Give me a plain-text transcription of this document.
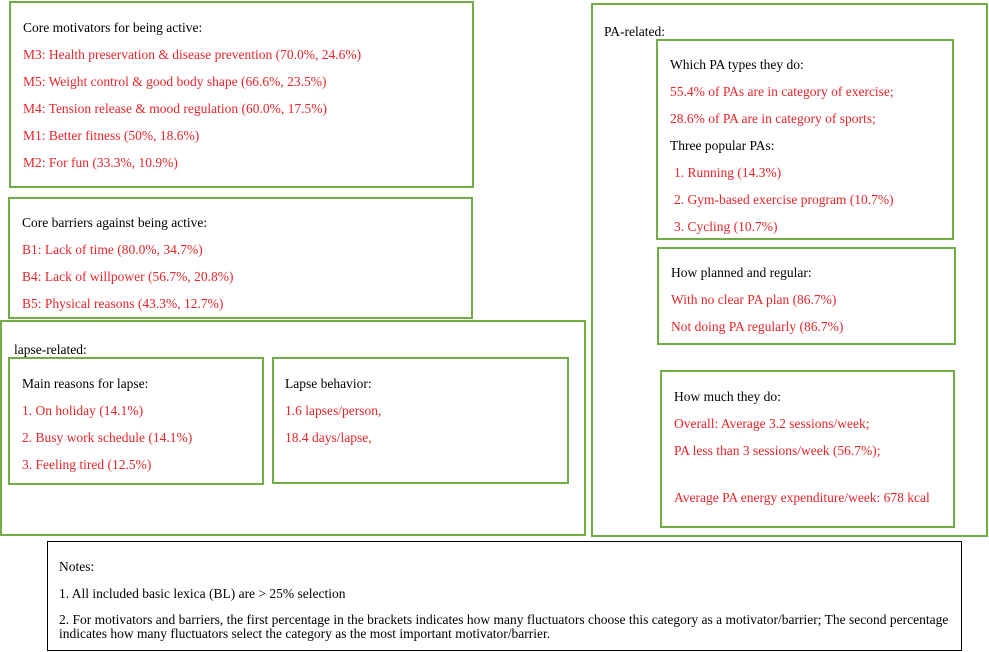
Core motivators for being active:
M3: Health preservation & disease prevention (70.0%, 24.6%)
M5: Weight control & good body shape (66.6%, 23.5%)
M4: Tension release & mood regulation (60.0%, 17.5%)
M1: Better fitness (50%, 18.6%)
M2: For fun (33.3%, 10.9%)
Core barriers against being active:
B1: Lack of time (80.0%, 34.7%)
B4: Lack of willpower (56.7%, 20.8%)
B5: Physical reasons (43.3%, 12.7%)
lapse-related:
Main reasons for lapse:
1. On holiday (14.1%)
2. Busy work schedule (14.1%)
3. Feeling tired (12.5%)
Lapse behavior:
1.6 lapses/person,
18.4 days/lapse,
PA-related:
Which PA types they do:
55.4% of PAs are in category of exercise;
28.6% of PA are in category of sports;
Three popular PAs:
1. Running (14.3%)
2. Gym-based exercise program (10.7%)
3. Cycling (10.7%)
How planned and regular:
With no clear PA plan (86.7%)
Not doing PA regularly (86.7%)
How much they do:
Overall: Average 3.2 sessions/week;
PA less than 3 sessions/week (56.7%);
Average PA energy expenditure/week: 678 kcal
Notes:
1. All included basic lexica (BL) are > 25% selection
2. For motivators and barriers, the first percentage in the brackets indicates how many fluctuators choose this category as a motivator/barrier; The second percentage indicates how many fluctuators select the category as the most important motivator/barrier.
